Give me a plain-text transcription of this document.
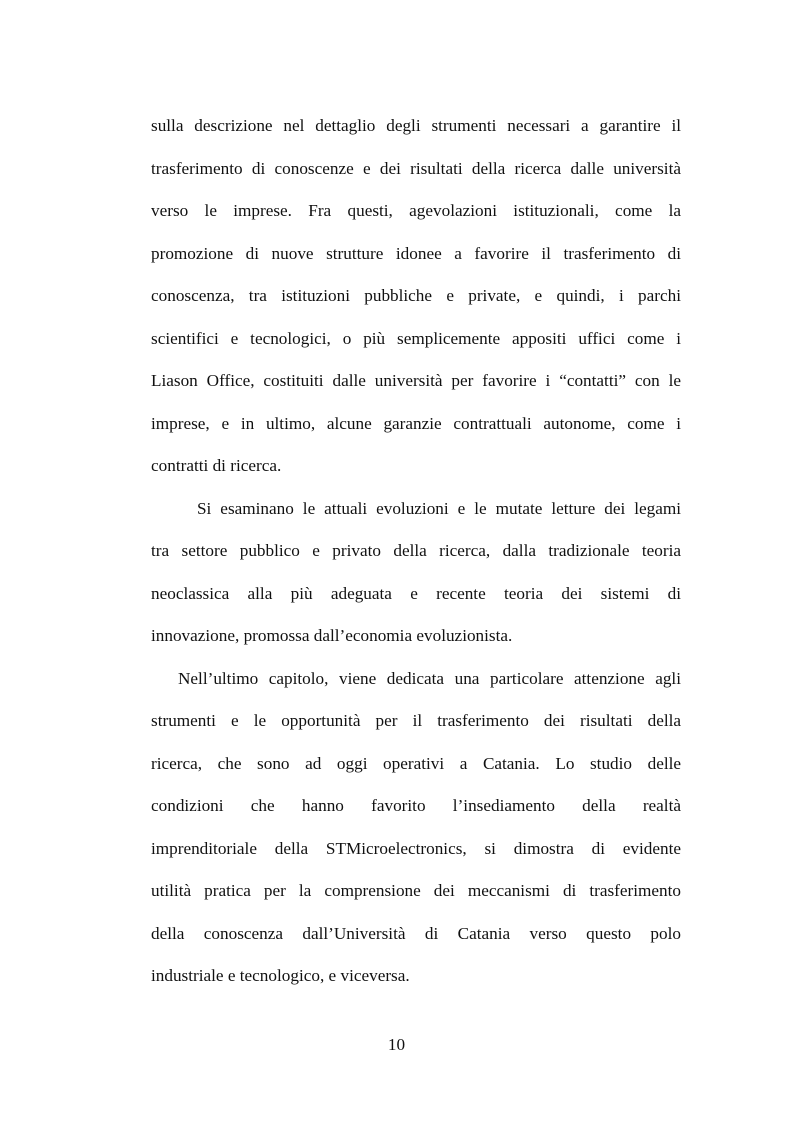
sulla descrizione nel dettaglio degli strumenti necessari a garantire il
trasferimento di conoscenze e dei risultati della ricerca dalle università
verso le imprese. Fra questi, agevolazioni istituzionali, come la
promozione di nuove strutture idonee a favorire il trasferimento di
conoscenza, tra istituzioni pubbliche e private, e quindi, i parchi
scientifici e tecnologici, o più semplicemente appositi uffici come i
Liason Office, costituiti dalle università per favorire i “contatti” con le
imprese, e in ultimo, alcune garanzie contrattuali autonome, come i
contratti di ricerca.
Si esaminano le attuali evoluzioni e le mutate letture dei legami
tra settore pubblico e privato della ricerca, dalla tradizionale teoria
neoclassica alla più adeguata e recente teoria dei sistemi di
innovazione, promossa dall’economia evoluzionista.
Nell’ultimo capitolo, viene dedicata una particolare attenzione agli
strumenti e le opportunità per il trasferimento dei risultati della
ricerca, che sono ad oggi operativi a Catania. Lo studio delle
condizioni che hanno favorito l’insediamento della realtà
imprenditoriale della STMicroelectronics, si dimostra di evidente
utilità pratica per la comprensione dei meccanismi di trasferimento
della conoscenza dall’Università di Catania verso questo polo
industriale e tecnologico, e viceversa.
10
